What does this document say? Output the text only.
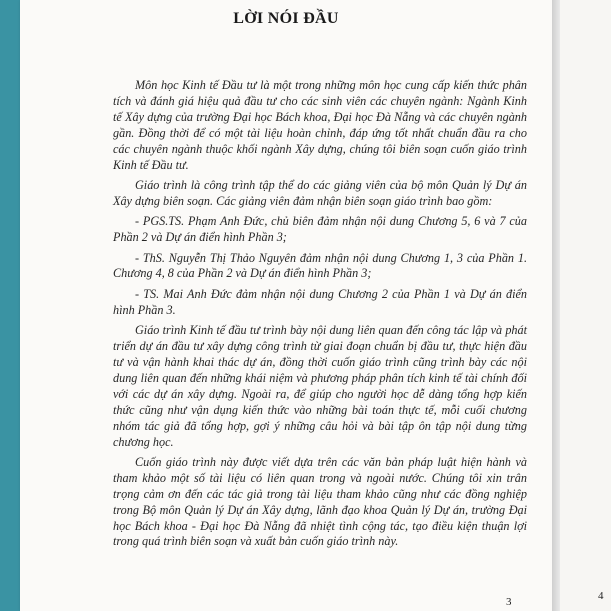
LỜI NÓI ĐẦU

Môn học Kinh tế Đầu tư là một trong những môn học cung cấp kiến thức phân tích và đánh giá hiệu quả đầu tư cho các sinh viên các chuyên ngành: Ngành Kinh tế Xây dựng của trường Đại học Bách khoa, Đại học Đà Nẵng và các chuyên ngành gần. Đồng thời để có một tài liệu hoàn chỉnh, đáp ứng tốt nhất chuẩn đầu ra cho các chuyên ngành thuộc khối ngành Xây dựng, chúng tôi biên soạn cuốn giáo trình Kinh tế Đầu tư.

Giáo trình là công trình tập thể do các giảng viên của bộ môn Quản lý Dự án Xây dựng biên soạn. Các giảng viên đảm nhận biên soạn giáo trình bao gồm:

- PGS.TS. Phạm Anh Đức, chủ biên đảm nhận nội dung Chương 5, 6 và 7 của Phần 2 và Dự án điển hình Phần 3;

- ThS. Nguyễn Thị Thảo Nguyên đảm nhận nội dung Chương 1, 3 của Phần 1. Chương 4, 8 của Phần 2 và Dự án điển hình Phần 3;

- TS. Mai Anh Đức đảm nhận nội dung Chương 2 của Phần 1 và Dự án điển hình Phần 3.

Giáo trình Kinh tế đầu tư trình bày nội dung liên quan đến công tác lập và phát triển dự án đầu tư xây dựng công trình từ giai đoạn chuẩn bị đầu tư, thực hiện đầu tư và vận hành khai thác dự án, đồng thời cuốn giáo trình cũng trình bày các nội dung liên quan đến những khái niệm và phương pháp phân tích kinh tế tài chính đối với các dự án xây dựng. Ngoài ra, để giúp cho người học dễ dàng tổng hợp kiến thức cũng như vận dụng kiến thức vào những bài toán thực tế, mỗi cuối chương nhóm tác giả đã tổng hợp, gợi ý những câu hỏi và bài tập ôn tập nội dung từng chương học.

Cuốn giáo trình này được viết dựa trên các văn bản pháp luật hiện hành và tham khảo một số tài liệu có liên quan trong và ngoài nước. Chúng tôi xin trân trọng cảm ơn đến các tác giả trong tài liệu tham khảo cũng như các đồng nghiệp trong Bộ môn Quản lý Dự án Xây dựng, lãnh đạo khoa Quản lý Dự án, trường Đại học Bách khoa - Đại học Đà Nẵng đã nhiệt tình cộng tác, tạo điều kiện thuận lợi trong quá trình biên soạn và xuất bản cuốn giáo trình này.

3	4
